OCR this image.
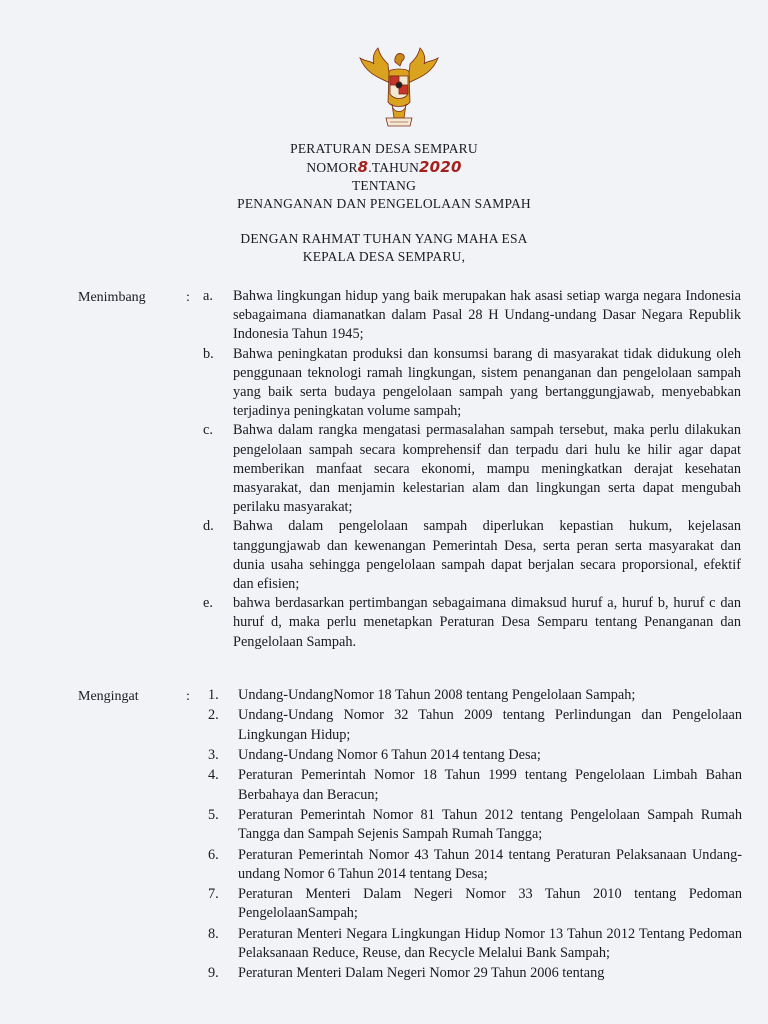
PERATURAN DESA SEMPARU
NOMOR8.TAHUN2020
TENTANG
PENANGANAN DAN PENGELOLAAN SAMPAH
DENGAN RAHMAT TUHAN YANG MAHA ESA
KEPALA DESA SEMPARU,
Menimbang	: a. Bahwa lingkungan hidup yang baik merupakan hak asasi setiap warga negara Indonesia sebagaimana diamanatkan dalam Pasal 28 H Undang-undang Dasar Negara Republik Indonesia Tahun 1945;
b. Bahwa peningkatan produksi dan konsumsi barang di masyarakat tidak didukung oleh penggunaan teknologi ramah lingkungan, sistem penanganan dan pengelolaan sampah yang baik serta budaya pengelolaan sampah yang bertanggungjawab, menyebabkan terjadinya peningkatan volume sampah;
c. Bahwa dalam rangka mengatasi permasalahan sampah tersebut, maka perlu dilakukan pengelolaan sampah secara komprehensif dan terpadu dari hulu ke hilir agar dapat memberikan manfaat secara ekonomi, mampu meningkatkan derajat kesehatan masyarakat, dan menjamin kelestarian alam dan lingkungan serta dapat mengubah perilaku masyarakat;
d. Bahwa dalam pengelolaan sampah diperlukan kepastian hukum, kejelasan tanggungjawab dan kewenangan Pemerintah Desa, serta peran serta masyarakat dan dunia usaha sehingga pengelolaan sampah dapat berjalan secara proporsional, efektif dan efisien;
e. bahwa berdasarkan pertimbangan sebagaimana dimaksud huruf a, huruf b, huruf c dan huruf d, maka perlu menetapkan Peraturan Desa Semparu tentang Penanganan dan Pengelolaan Sampah.
Mengingat	: 1. Undang-UndangNomor 18 Tahun 2008 tentang Pengelolaan Sampah;
2. Undang-Undang Nomor 32 Tahun 2009 tentang Perlindungan dan Pengelolaan Lingkungan Hidup;
3. Undang-Undang Nomor 6 Tahun 2014 tentang Desa;
4. Peraturan Pemerintah Nomor 18 Tahun 1999 tentang Pengelolaan Limbah Bahan Berbahaya dan Beracun;
5. Peraturan Pemerintah Nomor 81 Tahun 2012 tentang Pengelolaan Sampah Rumah Tangga dan Sampah Sejenis Sampah Rumah Tangga;
6. Peraturan Pemerintah Nomor 43 Tahun 2014 tentang Peraturan Pelaksanaan Undang-undang Nomor 6 Tahun 2014 tentang Desa;
7. Peraturan Menteri Dalam Negeri Nomor 33 Tahun 2010 tentang Pedoman PengelolaanSampah;
8. Peraturan Menteri Negara Lingkungan Hidup Nomor 13 Tahun 2012 Tentang Pedoman Pelaksanaan Reduce, Reuse, dan Recycle Melalui Bank Sampah;
9. Peraturan Menteri Dalam Negeri Nomor 29 Tahun 2006 tentang
